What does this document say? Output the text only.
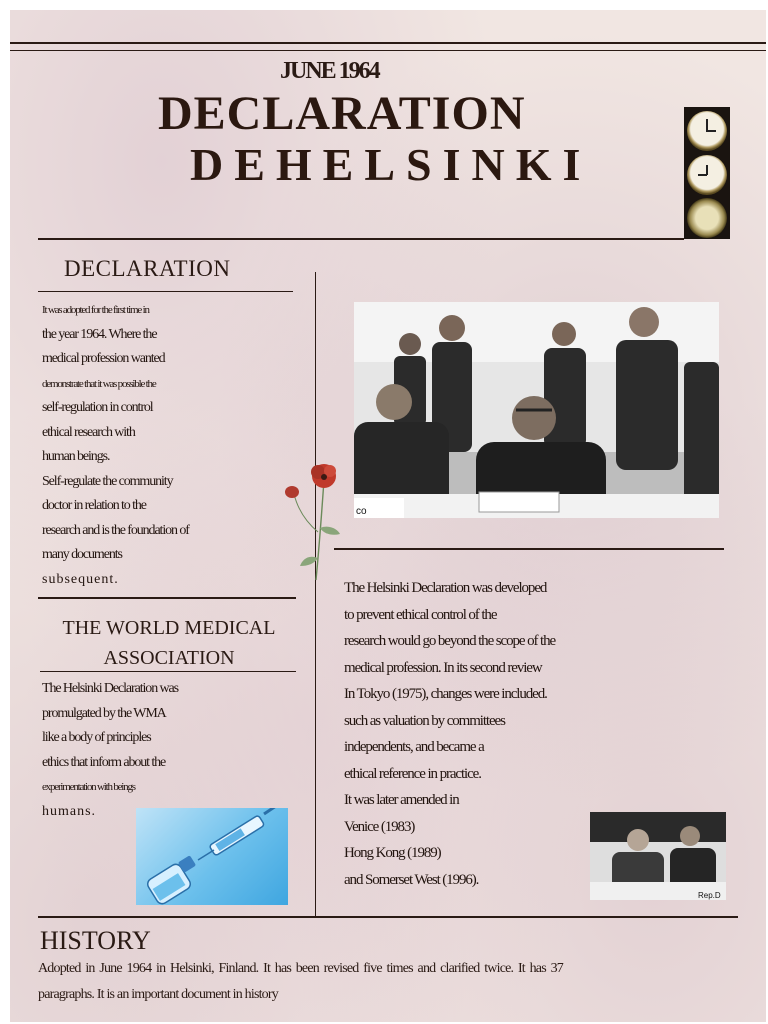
JUNE 1964
DECLARATION
DEHELSINKI
DECLARATION
It was adopted for the first time in
the year 1964. Where the
medical profession wanted
demonstrate that it was possible the
self-regulation in control
ethical research with
human beings.
Self-regulate the community
doctor in relation to the
research and is the foundation of
many documents
subsequent.
co
The Helsinki Declaration was developed
to prevent ethical control of the
research would go beyond the scope of the
medical profession. In its second review
In Tokyo (1975), changes were included.
such as valuation by committees
independents, and became a
ethical reference in practice.
It was later amended in
Venice (1983)
Hong Kong (1989)
and Somerset West (1996).
THE WORLD MEDICAL
ASSOCIATION
The Helsinki Declaration was
promulgated by the WMA
like a body of principles
ethics that inform about the
experimentation with beings
humans.
Rep.D
HISTORY
Adopted in June 1964 in Helsinki, Finland. It has been revised five times and clarified twice. It has 37 paragraphs. It is an important document in history
